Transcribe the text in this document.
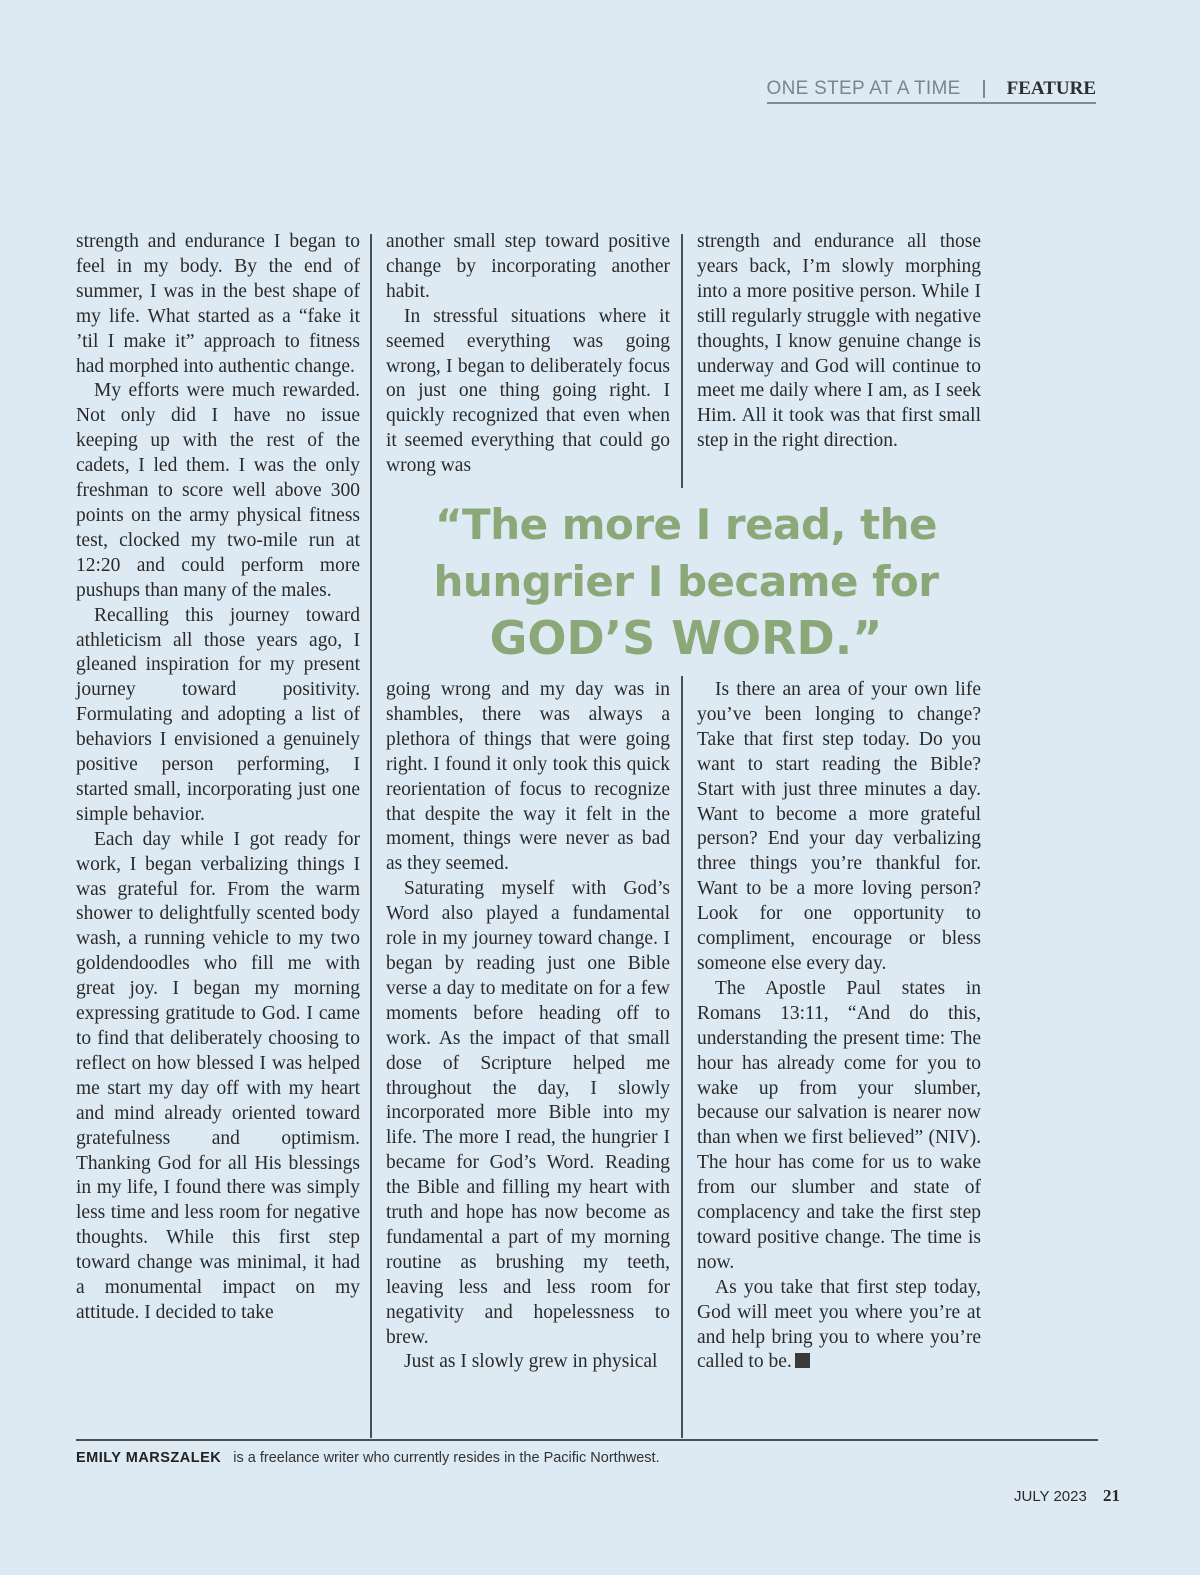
ONE STEP AT A TIME FEATURE

strength and endurance I began to feel in my body. By the end of summer, I was in the best shape of my life. What started as a “fake it ’til I make it” approach to fitness had morphed into authentic change.

My efforts were much rewarded. Not only did I have no issue keeping up with the rest of the cadets, I led them. I was the only freshman to score well above 300 points on the army physical fitness test, clocked my two-mile run at 12:20 and could perform more pushups than many of the males.

Recalling this journey toward athleticism all those years ago, I gleaned inspiration for my present journey toward positivity. Formulating and adopting a list of behaviors I envisioned a genuinely positive person performing, I started small, incorporating just one simple behavior.

Each day while I got ready for work, I began verbalizing things I was grateful for. From the warm shower to delightfully scented body wash, a running vehicle to my two goldendoodles who fill me with great joy. I began my morning expressing gratitude to God. I came to find that deliberately choosing to reflect on how blessed I was helped me start my day off with my heart and mind already oriented toward gratefulness and optimism. Thanking God for all His blessings in my life, I found there was simply less time and less room for negative thoughts. While this first step toward change was minimal, it had a monumental impact on my attitude. I decided to take

another small step toward positive change by incorporating another habit.

In stressful situations where it seemed everything was going wrong, I began to deliberately focus on just one thing going right. I quickly recognized that even when it seemed everything that could go wrong was

strength and endurance all those years back, I’m slowly morphing into a more positive person. While I still regularly struggle with negative thoughts, I know genuine change is underway and God will continue to meet me daily where I am, as I seek Him. All it took was that first small step in the right direction.

“The more I read, the
hungrier I became for
GOD’S WORD.”

going wrong and my day was in shambles, there was always a plethora of things that were going right. I found it only took this quick reorientation of focus to recognize that despite the way it felt in the moment, things were never as bad as they seemed.

Saturating myself with God’s Word also played a fundamental role in my journey toward change. I began by reading just one Bible verse a day to meditate on for a few moments before heading off to work. As the impact of that small dose of Scripture helped me throughout the day, I slowly incorporated more Bible into my life. The more I read, the hungrier I became for God’s Word. Reading the Bible and filling my heart with truth and hope has now become as fundamental a part of my morning routine as brushing my teeth, leaving less and less room for negativity and hopelessness to brew.

Just as I slowly grew in physical

Is there an area of your own life you’ve been longing to change? Take that first step today. Do you want to start reading the Bible? Start with just three minutes a day. Want to become a more grateful person? End your day verbalizing three things you’re thankful for. Want to be a more loving person? Look for one opportunity to compliment, encourage or bless someone else every day.

The Apostle Paul states in Romans 13:11, “And do this, understanding the present time: The hour has already come for you to wake up from your slumber, because our salvation is nearer now than when we first believed” (NIV). The hour has come for us to wake from our slumber and state of complacency and take the first step toward positive change. The time is now.

As you take that first step today, God will meet you where you’re at and help bring you to where you’re called to be.

EMILY MARSZALEK is a freelance writer who currently resides in the Pacific Northwest.
JULY 2023 21
